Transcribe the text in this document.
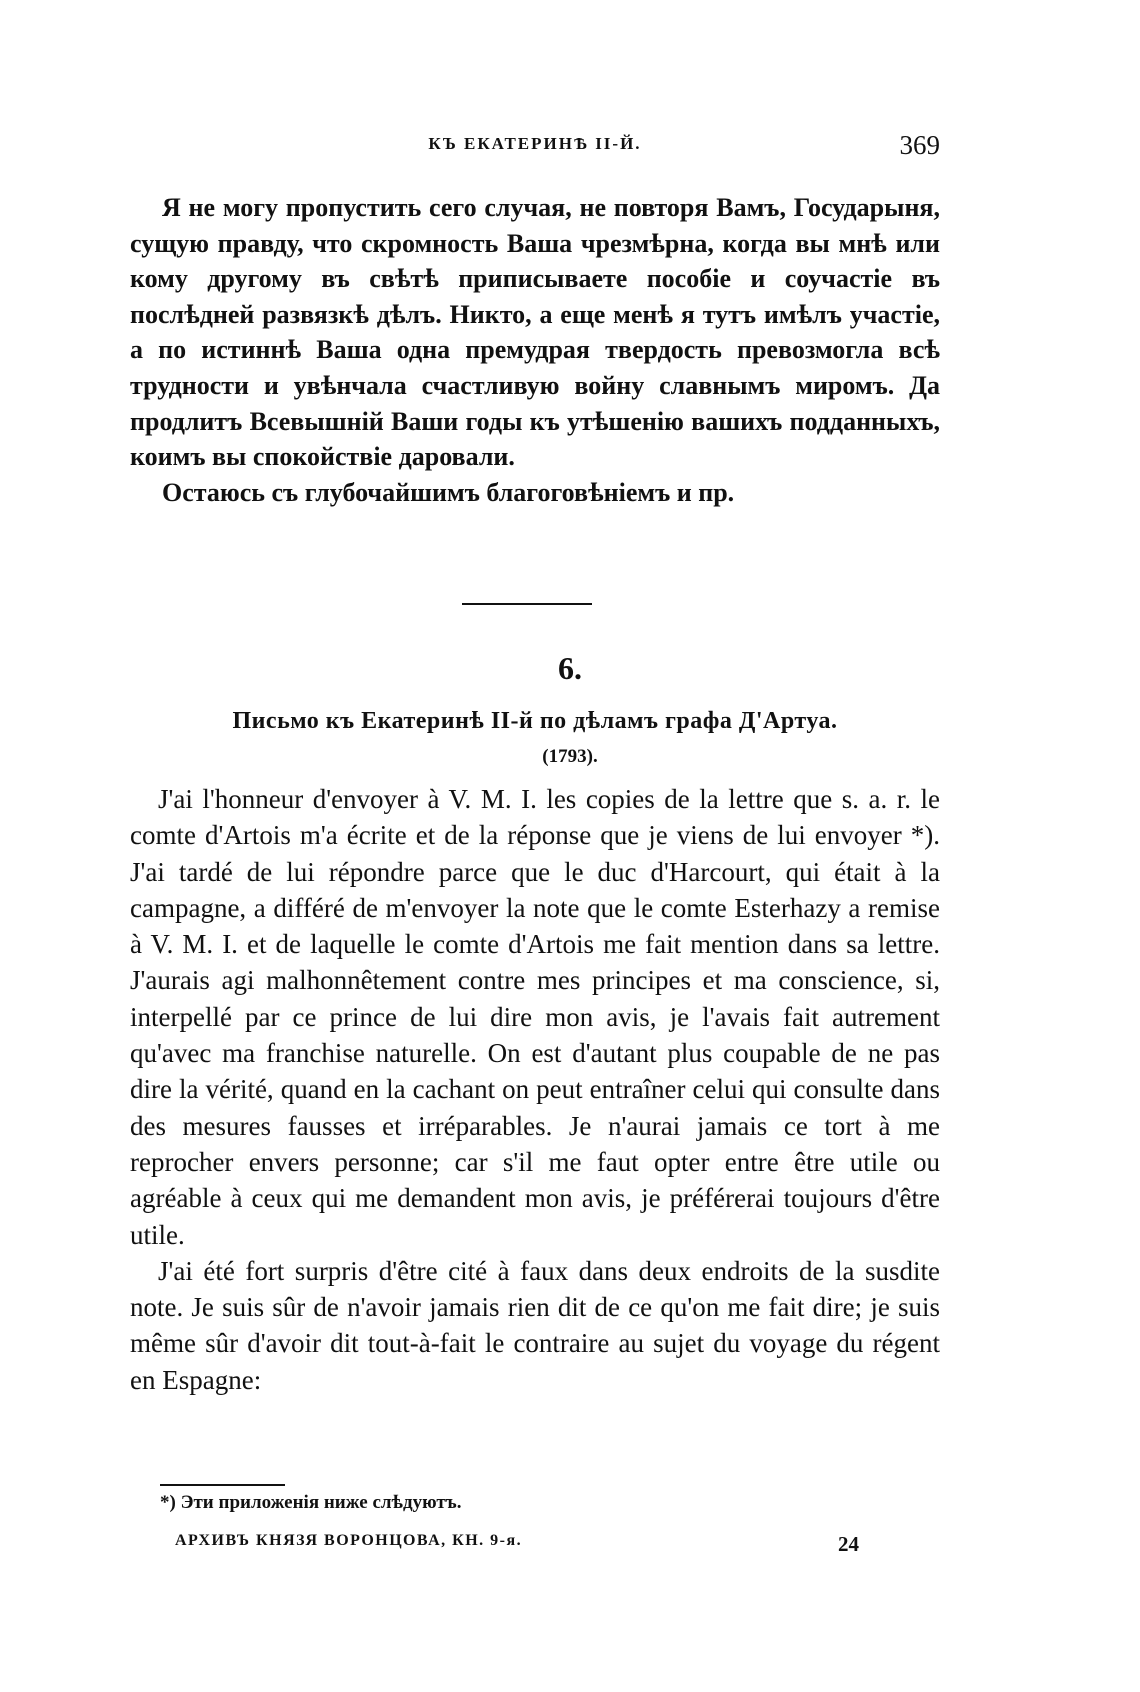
КЪ ЕКАТЕРИНѢ II-Й.	369

Я не могу пропустить сего случая, не повторя Вамъ, Государыня, сущую правду, что скромность Ваша чрезмѣрна, когда вы мнѣ или кому другому въ свѣтѣ приписываете пособіе и соучастіе въ послѣдней развязкѣ дѣлъ. Никто, а еще менѣ я тутъ имѣлъ участіе, а по истиннѣ Ваша одна премудрая твердость превозмогла всѣ трудности и увѣнчала счастливую войну славнымъ миромъ. Да продлитъ Всевышній Ваши годы къ утѣшенію вашихъ подданныхъ, коимъ вы спокойствіе даровали.

Остаюсь съ глубочайшимъ благоговѣніемъ и пр.

6.
Письмо къ Екатеринѣ II-й по дѣламъ графа Д'Артуа.
(1793).

J'ai l'honneur d'envoyer à V. M. I. les copies de la lettre que s. a. r. le comte d'Artois m'a écrite et de la réponse que je viens de lui envoyer *). J'ai tardé de lui répondre parce que le duc d'Harcourt, qui était à la campagne, a différé de m'envoyer la note que le comte Esterhazy a remise à V. M. I. et de laquelle le comte d'Artois me fait mention dans sa lettre. J'aurais agi malhonnêtement contre mes principes et ma conscience, si, interpellé par ce prince de lui dire mon avis, je l'avais fait autrement qu'avec ma franchise naturelle. On est d'autant plus coupable de ne pas dire la vérité, quand en la cachant on peut entraîner celui qui consulte dans des mesures fausses et irréparables. Je n'aurai jamais ce tort à me reprocher envers personne; car s'il me faut opter entre être utile ou agréable à ceux qui me demandent mon avis, je préférerai toujours d'être utile.

J'ai été fort surpris d'être cité à faux dans deux endroits de la susdite note. Je suis sûr de n'avoir jamais rien dit de ce qu'on me fait dire; je suis même sûr d'avoir dit tout-à-fait le contraire au sujet du voyage du régent en Espagne:

*) Эти приложенія ниже слѣдуютъ.
АРХИВЪ КНЯЗЯ ВОРОНЦОВА, КН. 9-я.	24
